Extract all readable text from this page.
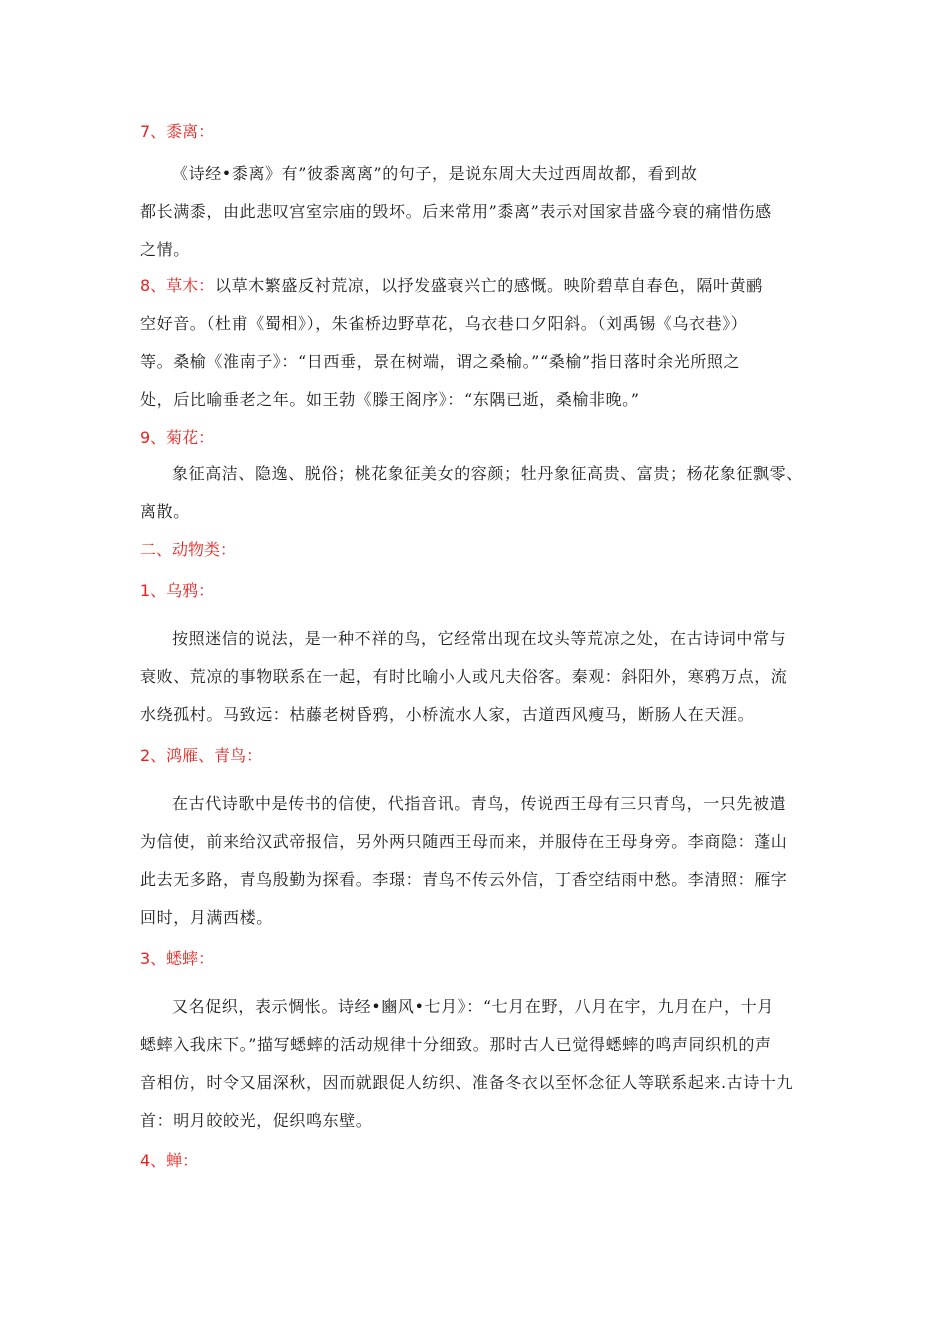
7、黍离：
《诗经•黍离》有”彼黍离离”的句子，是说东周大夫过西周故都，看到故
都长满黍，由此悲叹宫室宗庙的毁坏。后来常用”黍离”表示对国家昔盛今衰的痛惜伤感
之情。
8、草木： 以草木繁盛反衬荒凉，以抒发盛衰兴亡的感慨。映阶碧草自春色，隔叶黄鹂
空好音。（杜甫《蜀相》），朱雀桥边野草花，乌衣巷口夕阳斜。（刘禹锡《乌衣巷》）
等。桑榆《淮南子》：“日西垂，景在树端，谓之桑榆。”“桑榆”指日落时余光所照之
处，后比喻垂老之年。如王勃《滕王阁序》：“东隅已逝，桑榆非晚。”
9、菊花：
象征高洁、隐逸、脱俗；桃花象征美女的容颜；牡丹象征高贵、富贵；杨花象征飘零、
离散。
二、动物类：
1、乌鸦：
按照迷信的说法，是一种不祥的鸟，它经常出现在坟头等荒凉之处，在古诗词中常与
衰败、荒凉的事物联系在一起，有时比喻小人或凡夫俗客。秦观：斜阳外，寒鸦万点，流
水绕孤村。马致远：枯藤老树昏鸦，小桥流水人家，古道西风瘦马，断肠人在天涯。
2、鸿雁、青鸟：
在古代诗歌中是传书的信使，代指音讯。青鸟，传说西王母有三只青鸟，一只先被遣
为信使，前来给汉武帝报信，另外两只随西王母而来，并服侍在王母身旁。李商隐：蓬山
此去无多路，青鸟殷勤为探看。李璟：青鸟不传云外信，丁香空结雨中愁。李清照：雁字
回时，月满西楼。
3、蟋蟀：
又名促织，表示惆怅。诗经•豳风•七月》：“七月在野，八月在宇，九月在户，十月
蟋蟀入我床下。”描写蟋蟀的活动规律十分细致。那时古人已觉得蟋蟀的鸣声同织机的声
音相仿，时令又届深秋，因而就跟促人纺织、准备冬衣以至怀念征人等联系起来.古诗十九
首：明月皎皎光，促织鸣东壁。
4、蝉：
